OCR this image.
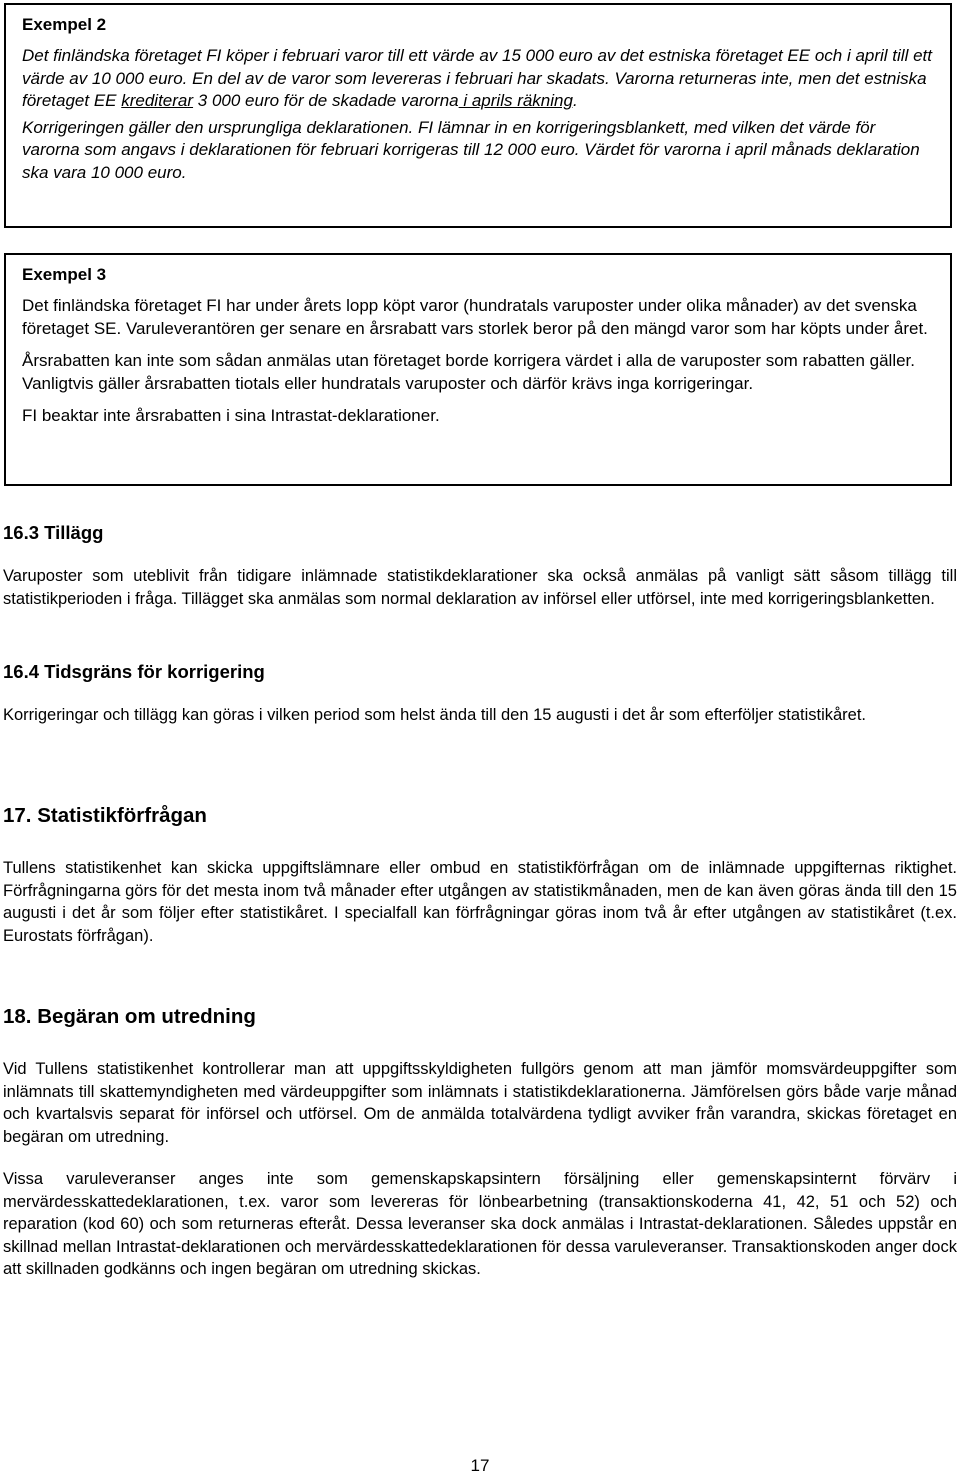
Exempel 2

Det finländska företaget FI köper i februari varor till ett värde av 15 000 euro av det estniska företaget EE och i april till ett värde av 10 000 euro. En del av de varor som levereras i februari har skadats. Varorna returneras inte, men det estniska företaget EE krediterar 3 000 euro för de skadade varorna i aprils räkning.

Korrigeringen gäller den ursprungliga deklarationen. FI lämnar in en korrigeringsblankett, med vilken det värde för varorna som angavs i deklarationen för februari korrigeras till 12 000 euro. Värdet för varorna i april månads deklaration ska vara 10 000 euro.

Exempel 3

Det finländska företaget FI har under årets lopp köpt varor (hundratals varuposter under olika månader) av det svenska företaget SE. Varuleverantören ger senare en årsrabatt vars storlek beror på den mängd varor som har köpts under året.

Årsrabatten kan inte som sådan anmälas utan företaget borde korrigera värdet i alla de varuposter som rabatten gäller. Vanligtvis gäller årsrabatten tiotals eller hundratals varuposter och därför krävs inga korrigeringar.

FI beaktar inte årsrabatten i sina Intrastat-deklarationer.

16.3 Tillägg

Varuposter som uteblivit från tidigare inlämnade statistikdeklarationer ska också anmälas på vanligt sätt såsom tillägg till statistikperioden i fråga. Tillägget ska anmälas som normal deklaration av införsel eller utförsel, inte med korrigeringsblanketten.

16.4 Tidsgräns för korrigering

Korrigeringar och tillägg kan göras i vilken period som helst ända till den 15 augusti i det år som efterföljer statistikåret.

17. Statistikförfrågan

Tullens statistikenhet kan skicka uppgiftslämnare eller ombud en statistikförfrågan om de inlämnade uppgifternas riktighet. Förfrågningarna görs för det mesta inom två månader efter utgången av statistikmånaden, men de kan även göras ända till den 15 augusti i det år som följer efter statistikåret. I specialfall kan förfrågningar göras inom två år efter utgången av statistikåret (t.ex. Eurostats förfrågan).

18. Begäran om utredning

Vid Tullens statistikenhet kontrollerar man att uppgiftsskyldigheten fullgörs genom att man jämför momsvärdeuppgifter som inlämnats till skattemyndigheten med värdeuppgifter som inlämnats i statistikdeklarationerna. Jämförelsen görs både varje månad och kvartalsvis separat för införsel och utförsel. Om de anmälda totalvärdena tydligt avviker från varandra, skickas företaget en begäran om utredning.

Vissa varuleveranser anges inte som gemenskapskapsintern försäljning eller gemenskapsinternt förvärv i mervärdesskattedeklarationen, t.ex. varor som levereras för lönbearbetning (transaktionskoderna 41, 42, 51 och 52) och reparation (kod 60) och som returneras efteråt. Dessa leveranser ska dock anmälas i Intrastat-deklarationen. Således uppstår en skillnad mellan Intrastat-deklarationen och mervärdesskattedeklarationen för dessa varuleveranser. Transaktionskoden anger dock att skillnaden godkänns och ingen begäran om utredning skickas.

17
